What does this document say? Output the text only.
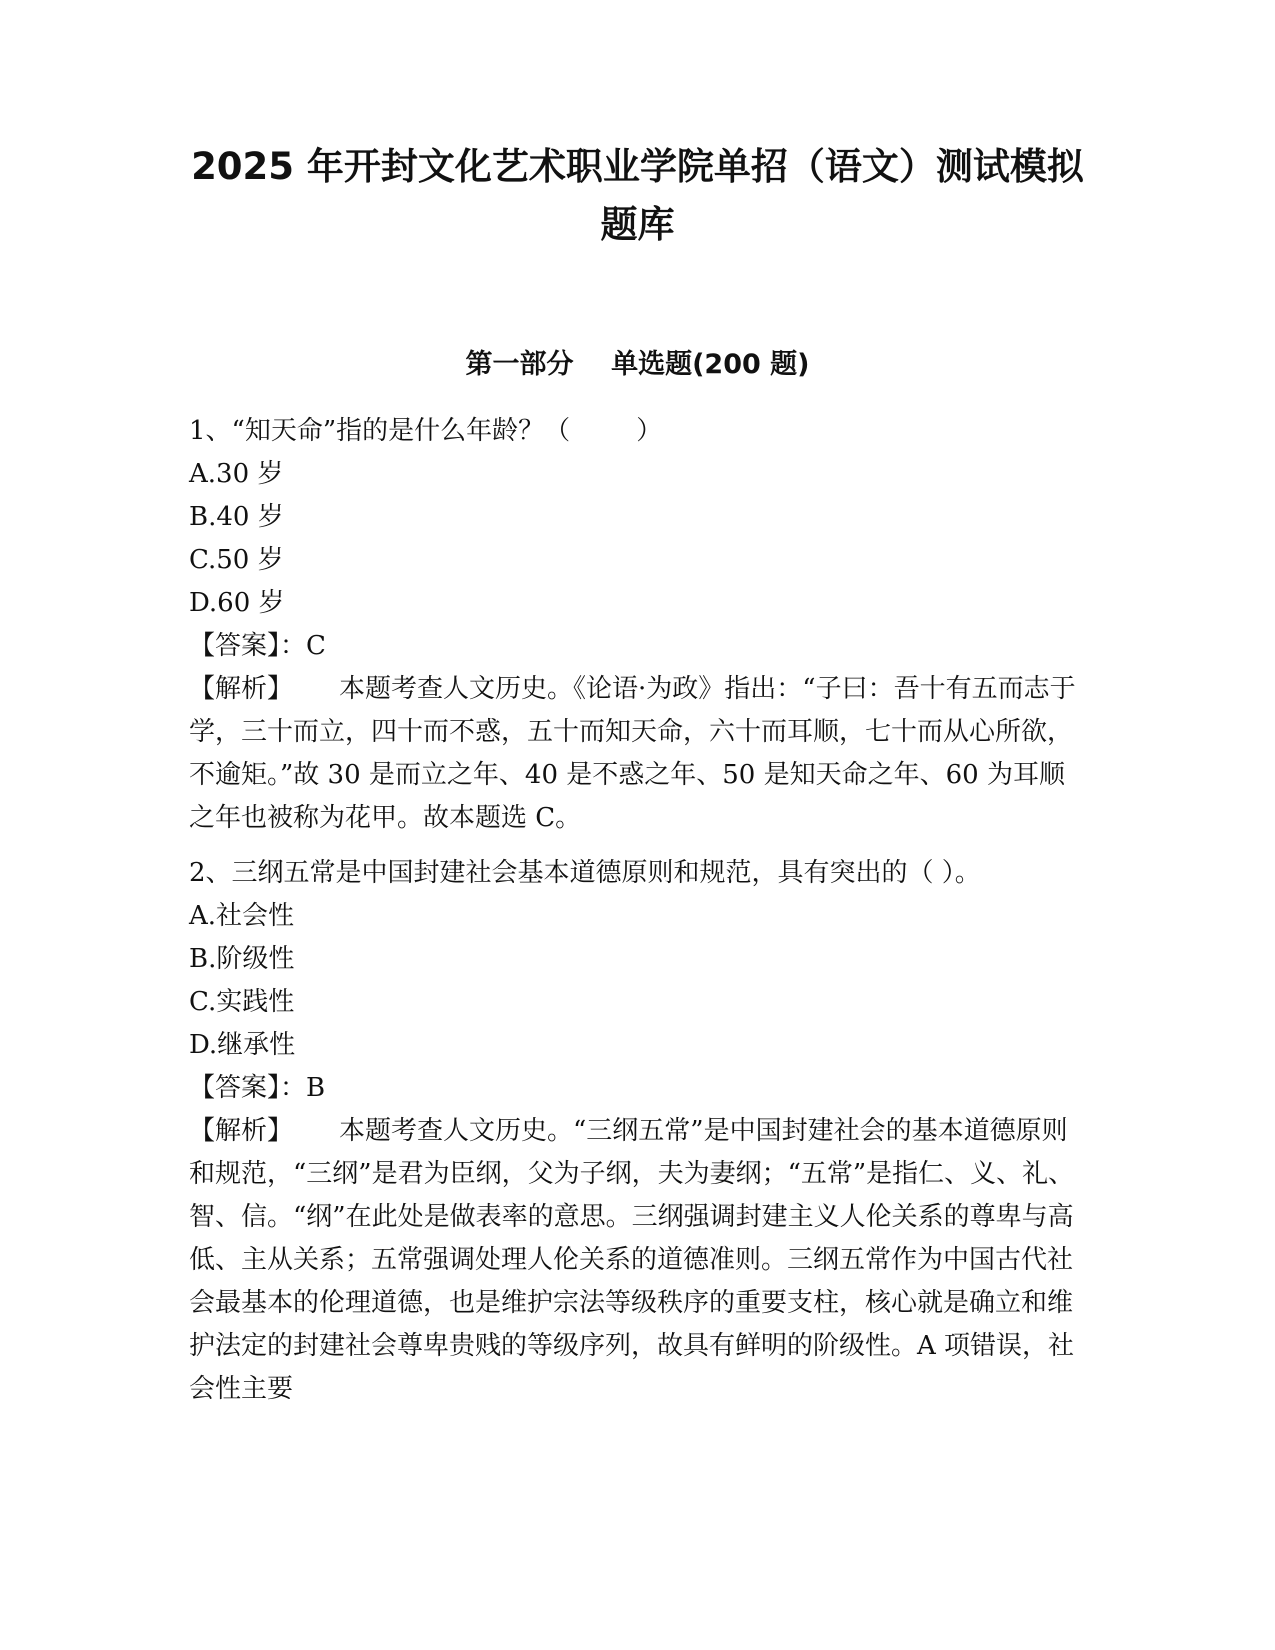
2025 年开封文化艺术职业学院单招（语文）测试模拟
题库
第一部分    单选题(200 题)

1、“知天命”指的是什么年龄？（        ）

A.30 岁

B.40 岁

C.50 岁

D.60 岁

【答案】：C

【解析】 本题考查人文历史。《论语·为政》指出：“子曰：吾十有五而志于学，三十而立，四十而不惑，五十而知天命，六十而耳顺，七十而从心所欲，不逾矩。”故 30 是而立之年、40 是不惑之年、50 是知天命之年、60 为耳顺之年也被称为花甲。故本题选 C。

2、三纲五常是中国封建社会基本道德原则和规范，具有突出的（ ）。

A.社会性

B.阶级性

C.实践性

D.继承性

【答案】：B

【解析】 本题考查人文历史。“三纲五常”是中国封建社会的基本道德原则和规范，“三纲”是君为臣纲，父为子纲，夫为妻纲；“五常”是指仁、义、礼、智、信。“纲”在此处是做表率的意思。三纲强调封建主义人伦关系的尊卑与高低、主从关系；五常强调处理人伦关系的道德准则。三纲五常作为中国古代社会最基本的伦理道德，也是维护宗法等级秩序的重要支柱，核心就是确立和维护法定的封建社会尊卑贵贱的等级序列，故具有鲜明的阶级性。A 项错误，社会性主要
